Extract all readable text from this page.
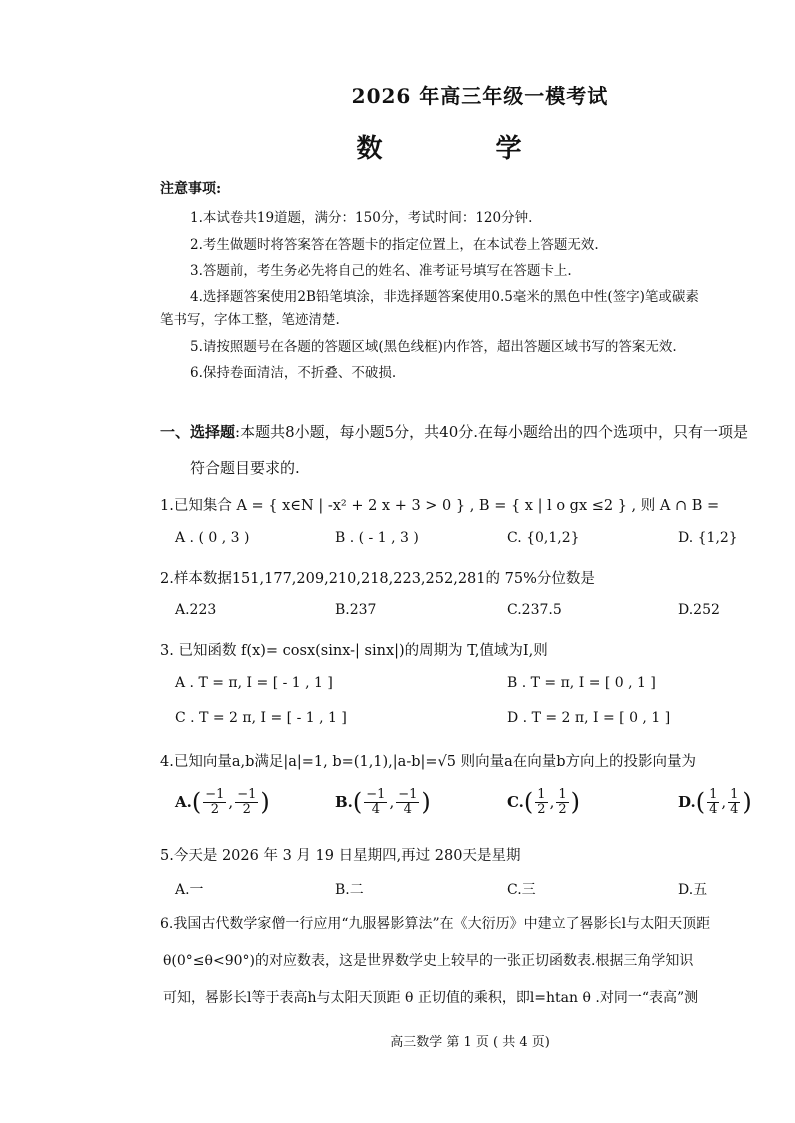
2026 年高三年级一模考试
数 学
注意事项:
1.本试卷共19道题，满分：150分，考试时间：120分钟.
2.考生做题时将答案答在答题卡的指定位置上，在本试卷上答题无效.
3.答题前，考生务必先将自己的姓名、准考证号填写在答题卡上.
4.选择题答案使用2B铅笔填涂，非选择题答案使用0.5毫米的黑色中性(签字)笔或碳素
笔书写，字体工整，笔迹清楚.
5.请按照题号在各题的答题区域(黑色线框)内作答，超出答题区域书写的答案无效.
6.保持卷面清洁，不折叠、不破损.
一、选择题:本题共8小题，每小题5分，共40分.在每小题给出的四个选项中，只有一项是
符合题目要求的.
1.已知集合 A = { x∈N | -x² + 2 x + 3 > 0 } , B = { x | l o gx ≤2 } , 则 A ∩ B =
A . ( 0 , 3 )	B . ( - 1 , 3 )	C. {0,1,2}	D. {1,2}
2.样本数据151,177,209,210,218,223,252,281的 75%分位数是
A.223	B.237	C.237.5	D.252
3. 已知函数 f(x)= cosx(sinx-| sinx|)的周期为 T,值域为I,则
A . T = π, I = [ - 1 , 1 ]	B . T = π, I = [ 0 , 1 ]
C . T = 2 π, I = [ - 1 , 1 ]	D . T = 2 π, I = [ 0 , 1 ]
4.已知向量a,b满足|a|=1, b=(1,1),|a-b|=√5 则向量a在向量b方向上的投影向量为
A. ( $\frac{-1}{2}$ , $\frac{-1}{2}$ )	B. ( $\frac{-1}{4}$ , $\frac{-1}{4}$ )	C. ( $\frac{1}{2}$ , $\frac{1}{2}$ )	D. ( $\frac{1}{4}$ , $\frac{1}{4}$ )
5.今天是 2026 年 3 月 19 日星期四,再过 280天是星期
A.一	B.二	C.三	D.五
6.我国古代数学家僧一行应用“九服晷影算法”在《大衍历》中建立了晷影长l与太阳天顶距
θ(0°≤θ<90°)的对应数表，这是世界数学史上较早的一张正切函数表.根据三角学知识
可知，晷影长l等于表高h与太阳天顶距 θ 正切值的乘积，即l=htan θ .对同一“表高”测
高三数学 第 1 页 ( 共 4 页)
